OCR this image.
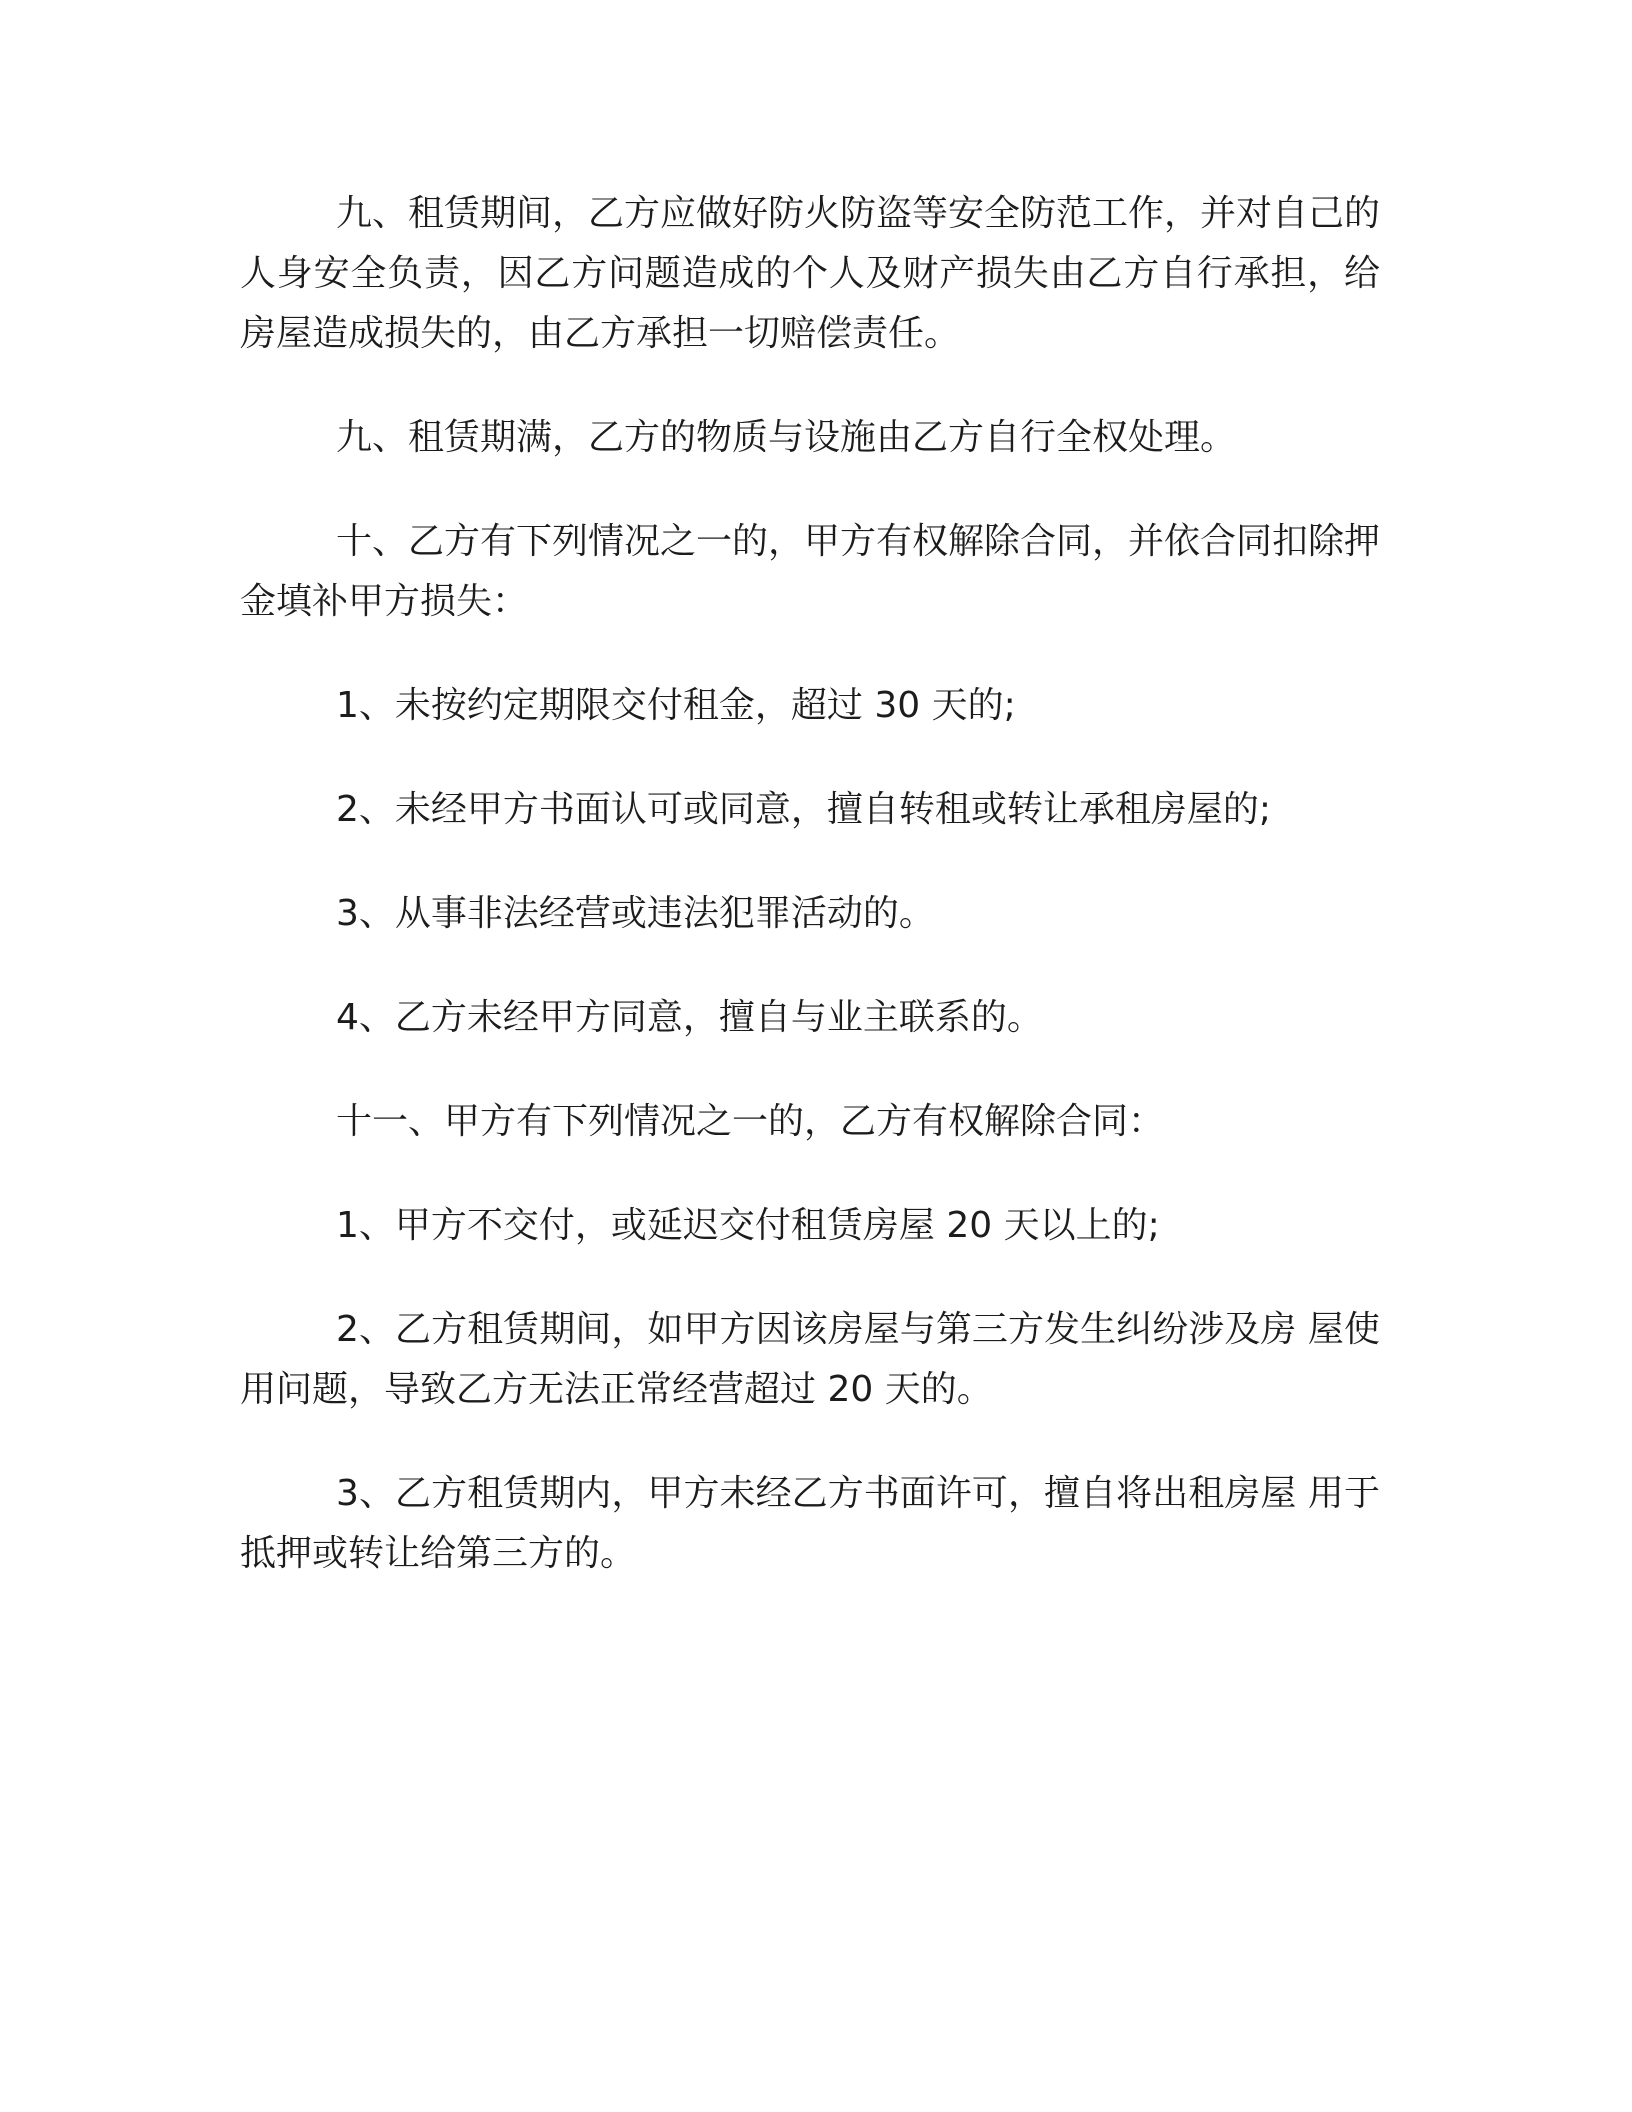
九、租赁期间，乙方应做好防火防盗等安全防范工作，并对自己的人身安全负责，因乙方问题造成的个人及财产损失由乙方自行承担，给房屋造成损失的，由乙方承担一切赔偿责任。

九、租赁期满，乙方的物质与设施由乙方自行全权处理。

十、乙方有下列情况之一的，甲方有权解除合同，并依合同扣除押金填补甲方损失：

1、未按约定期限交付租金，超过 30 天的;

2、未经甲方书面认可或同意，擅自转租或转让承租房屋的;

3、从事非法经营或违法犯罪活动的。

4、乙方未经甲方同意，擅自与业主联系的。

十一、甲方有下列情况之一的，乙方有权解除合同：

1、甲方不交付，或延迟交付租赁房屋 20 天以上的;

2、乙方租赁期间，如甲方因该房屋与第三方发生纠纷涉及房 屋使用问题，导致乙方无法正常经营超过 20 天的。

3、乙方租赁期内，甲方未经乙方书面许可，擅自将出租房屋 用于抵押或转让给第三方的。
